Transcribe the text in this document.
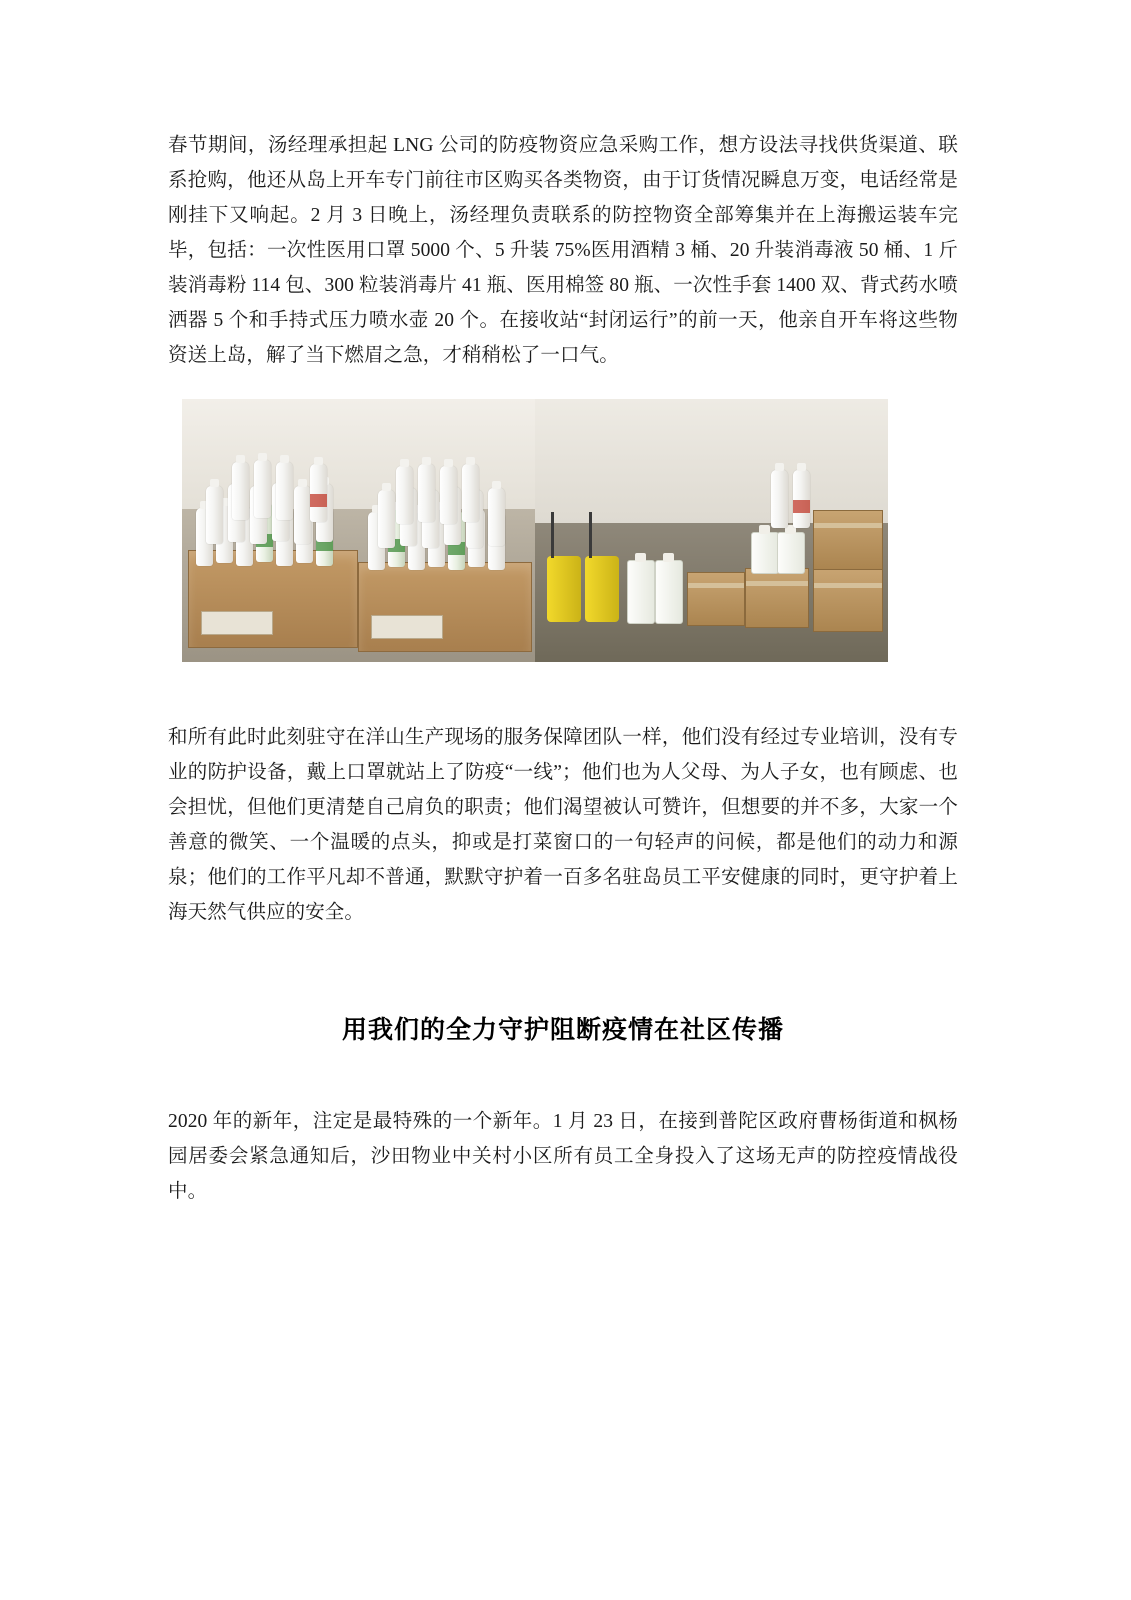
春节期间，汤经理承担起 LNG 公司的防疫物资应急采购工作，想方设法寻找供货渠道、联系抢购，他还从岛上开车专门前往市区购买各类物资，由于订货情况瞬息万变，电话经常是刚挂下又响起。2 月 3 日晚上，汤经理负责联系的防控物资全部筹集并在上海搬运装车完毕，包括：一次性医用口罩 5000 个、5 升装 75%医用酒精 3 桶、20 升装消毒液 50 桶、1 斤装消毒粉 114 包、300 粒装消毒片 41 瓶、医用棉签 80 瓶、一次性手套 1400 双、背式药水喷洒器 5 个和手持式压力喷水壶 20 个。在接收站“封闭运行”的前一天，他亲自开车将这些物资送上岛，解了当下燃眉之急，才稍稍松了一口气。

和所有此时此刻驻守在洋山生产现场的服务保障团队一样，他们没有经过专业培训，没有专业的防护设备，戴上口罩就站上了防疫“一线”；他们也为人父母、为人子女，也有顾虑、也会担忧，但他们更清楚自己肩负的职责；他们渴望被认可赞许，但想要的并不多，大家一个善意的微笑、一个温暖的点头，抑或是打菜窗口的一句轻声的问候，都是他们的动力和源泉；他们的工作平凡却不普通，默默守护着一百多名驻岛员工平安健康的同时，更守护着上海天然气供应的安全。

用我们的全力守护阻断疫情在社区传播

2020 年的新年，注定是最特殊的一个新年。1 月 23 日，在接到普陀区政府曹杨街道和枫杨园居委会紧急通知后，沙田物业中关村小区所有员工全身投入了这场无声的防控疫情战役中。
